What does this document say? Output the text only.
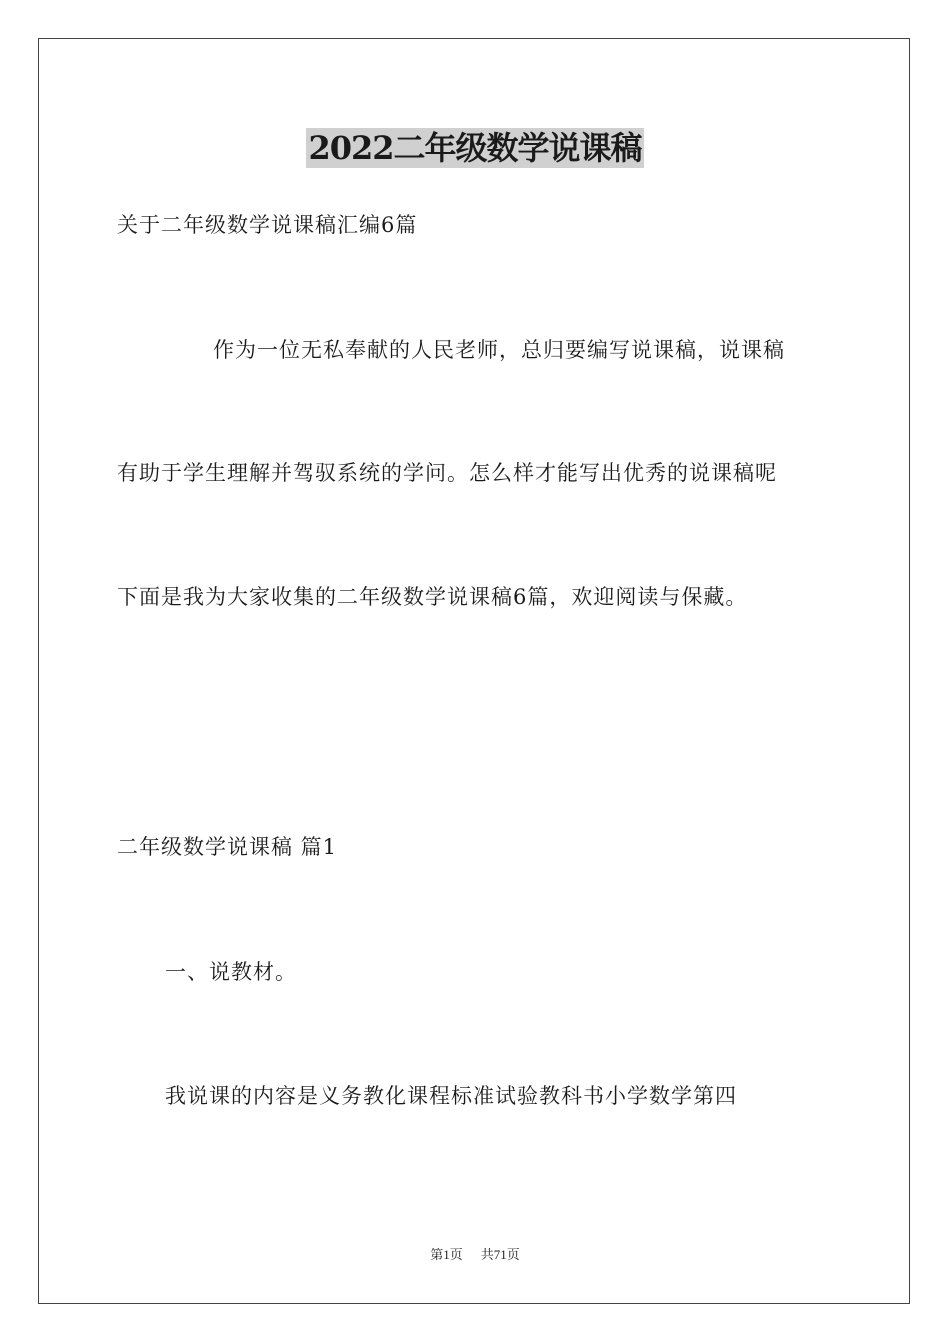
2022二年级数学说课稿
关于二年级数学说课稿汇编6篇
作为一位无私奉献的人民老师，总归要编写说课稿，说课稿
有助于学生理解并驾驭系统的学问。怎么样才能写出优秀的说课稿呢
下面是我为大家收集的二年级数学说课稿6篇，欢迎阅读与保藏。
二年级数学说课稿 篇1
一、说教材。
我说课的内容是义务教化课程标准试验教科书小学数学第四
第1页 共71页
